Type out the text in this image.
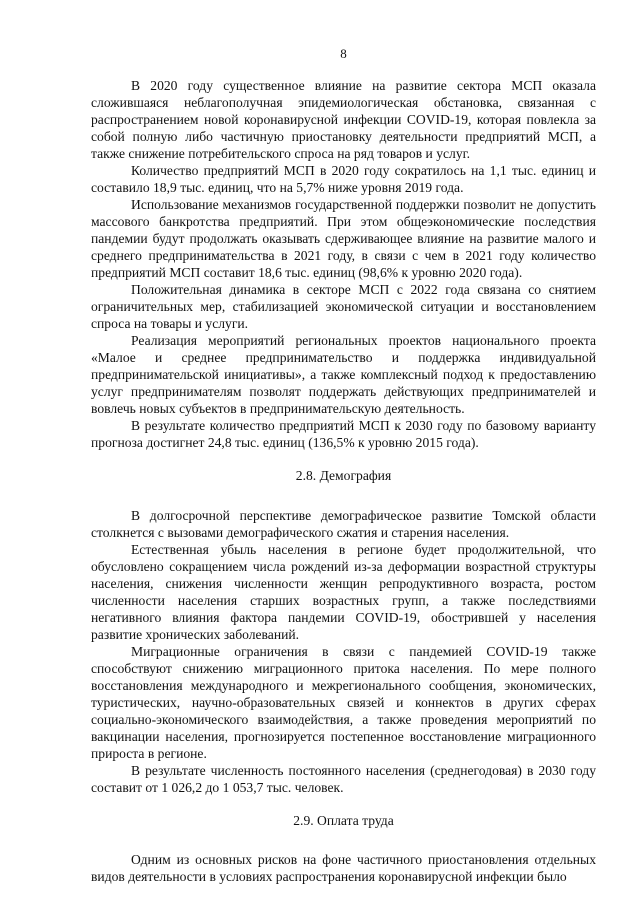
8

В 2020 году существенное влияние на развитие сектора МСП оказала сложившаяся неблагополучная эпидемиологическая обстановка, связанная с распространением новой коронавирусной инфекции COVID-19, которая повлекла за собой полную либо частичную приостановку деятельности предприятий МСП, а также снижение потребительского спроса на ряд товаров и услуг.

Количество предприятий МСП в 2020 году сократилось на 1,1 тыс. единиц и составило 18,9 тыс. единиц, что на 5,7% ниже уровня 2019 года.

Использование механизмов государственной поддержки позволит не допустить массового банкротства предприятий. При этом общеэкономические последствия пандемии будут продолжать оказывать сдерживающее влияние на развитие малого и среднего предпринимательства в 2021 году, в связи с чем в 2021 году количество предприятий МСП составит 18,6 тыс. единиц (98,6% к уровню 2020 года).

Положительная динамика в секторе МСП с 2022 года связана со снятием ограничительных мер, стабилизацией экономической ситуации и восстановлением спроса на товары и услуги.

Реализация мероприятий региональных проектов национального проекта «Малое и среднее предпринимательство и поддержка индивидуальной предпринимательской инициативы», а также комплексный подход к предоставлению услуг предпринимателям позволят поддержать действующих предпринимателей и вовлечь новых субъектов в предпринимательскую деятельность.

В результате количество предприятий МСП к 2030 году по базовому варианту прогноза достигнет 24,8 тыс. единиц (136,5% к уровню 2015 года).

2.8. Демография

В долгосрочной перспективе демографическое развитие Томской области столкнется с вызовами демографического сжатия и старения населения.

Естественная убыль населения в регионе будет продолжительной, что обусловлено сокращением числа рождений из-за деформации возрастной структуры населения, снижения численности женщин репродуктивного возраста, ростом численности населения старших возрастных групп, а также последствиями негативного влияния фактора пандемии COVID-19, обострившей у населения развитие хронических заболеваний.

Миграционные ограничения в связи с пандемией COVID-19 также способствуют снижению миграционного притока населения. По мере полного восстановления международного и межрегионального сообщения, экономических, туристических, научно-образовательных связей и коннектов в других сферах социально-экономического взаимодействия, а также проведения мероприятий по вакцинации населения, прогнозируется постепенное восстановление миграционного прироста в регионе.

В результате численность постоянного населения (среднегодовая) в 2030 году составит от 1 026,2 до 1 053,7 тыс. человек.

2.9. Оплата труда

Одним из основных рисков на фоне частичного приостановления отдельных видов деятельности в условиях распространения коронавирусной инфекции было
